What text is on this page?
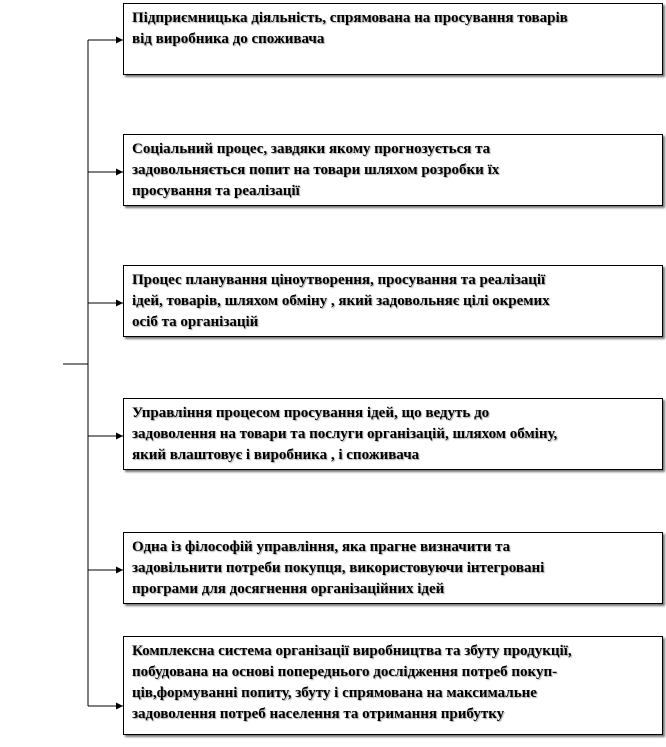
Підприємницька діяльність, спрямована на просування товарів
від виробника до споживача
Соціальний процес, завдяки якому прогнозується та
задовольняється попит на товари шляхом розробки їх
просування та реалізації
Процес планування ціноутворення, просування та реалізації
ідей, товарів, шляхом обміну , який задовольняє цілі окремих
осіб та організацій
Управління процесом просування ідей, що ведуть до
задоволення на товари та послуги організацій, шляхом обміну,
який влаштовує і виробника , і споживача
Одна із філософій управління, яка прагне визначити та
задовільнити потреби покупця, використовуючи інтегровані
програми для досягнення організаційних ідей
Комплексна система організації виробництва та збуту продукції,
побудована на основі попереднього дослідження потреб покуп-
ців,формуванні попиту, збуту і спрямована на максимальне
задоволення потреб населення та отримання прибутку
